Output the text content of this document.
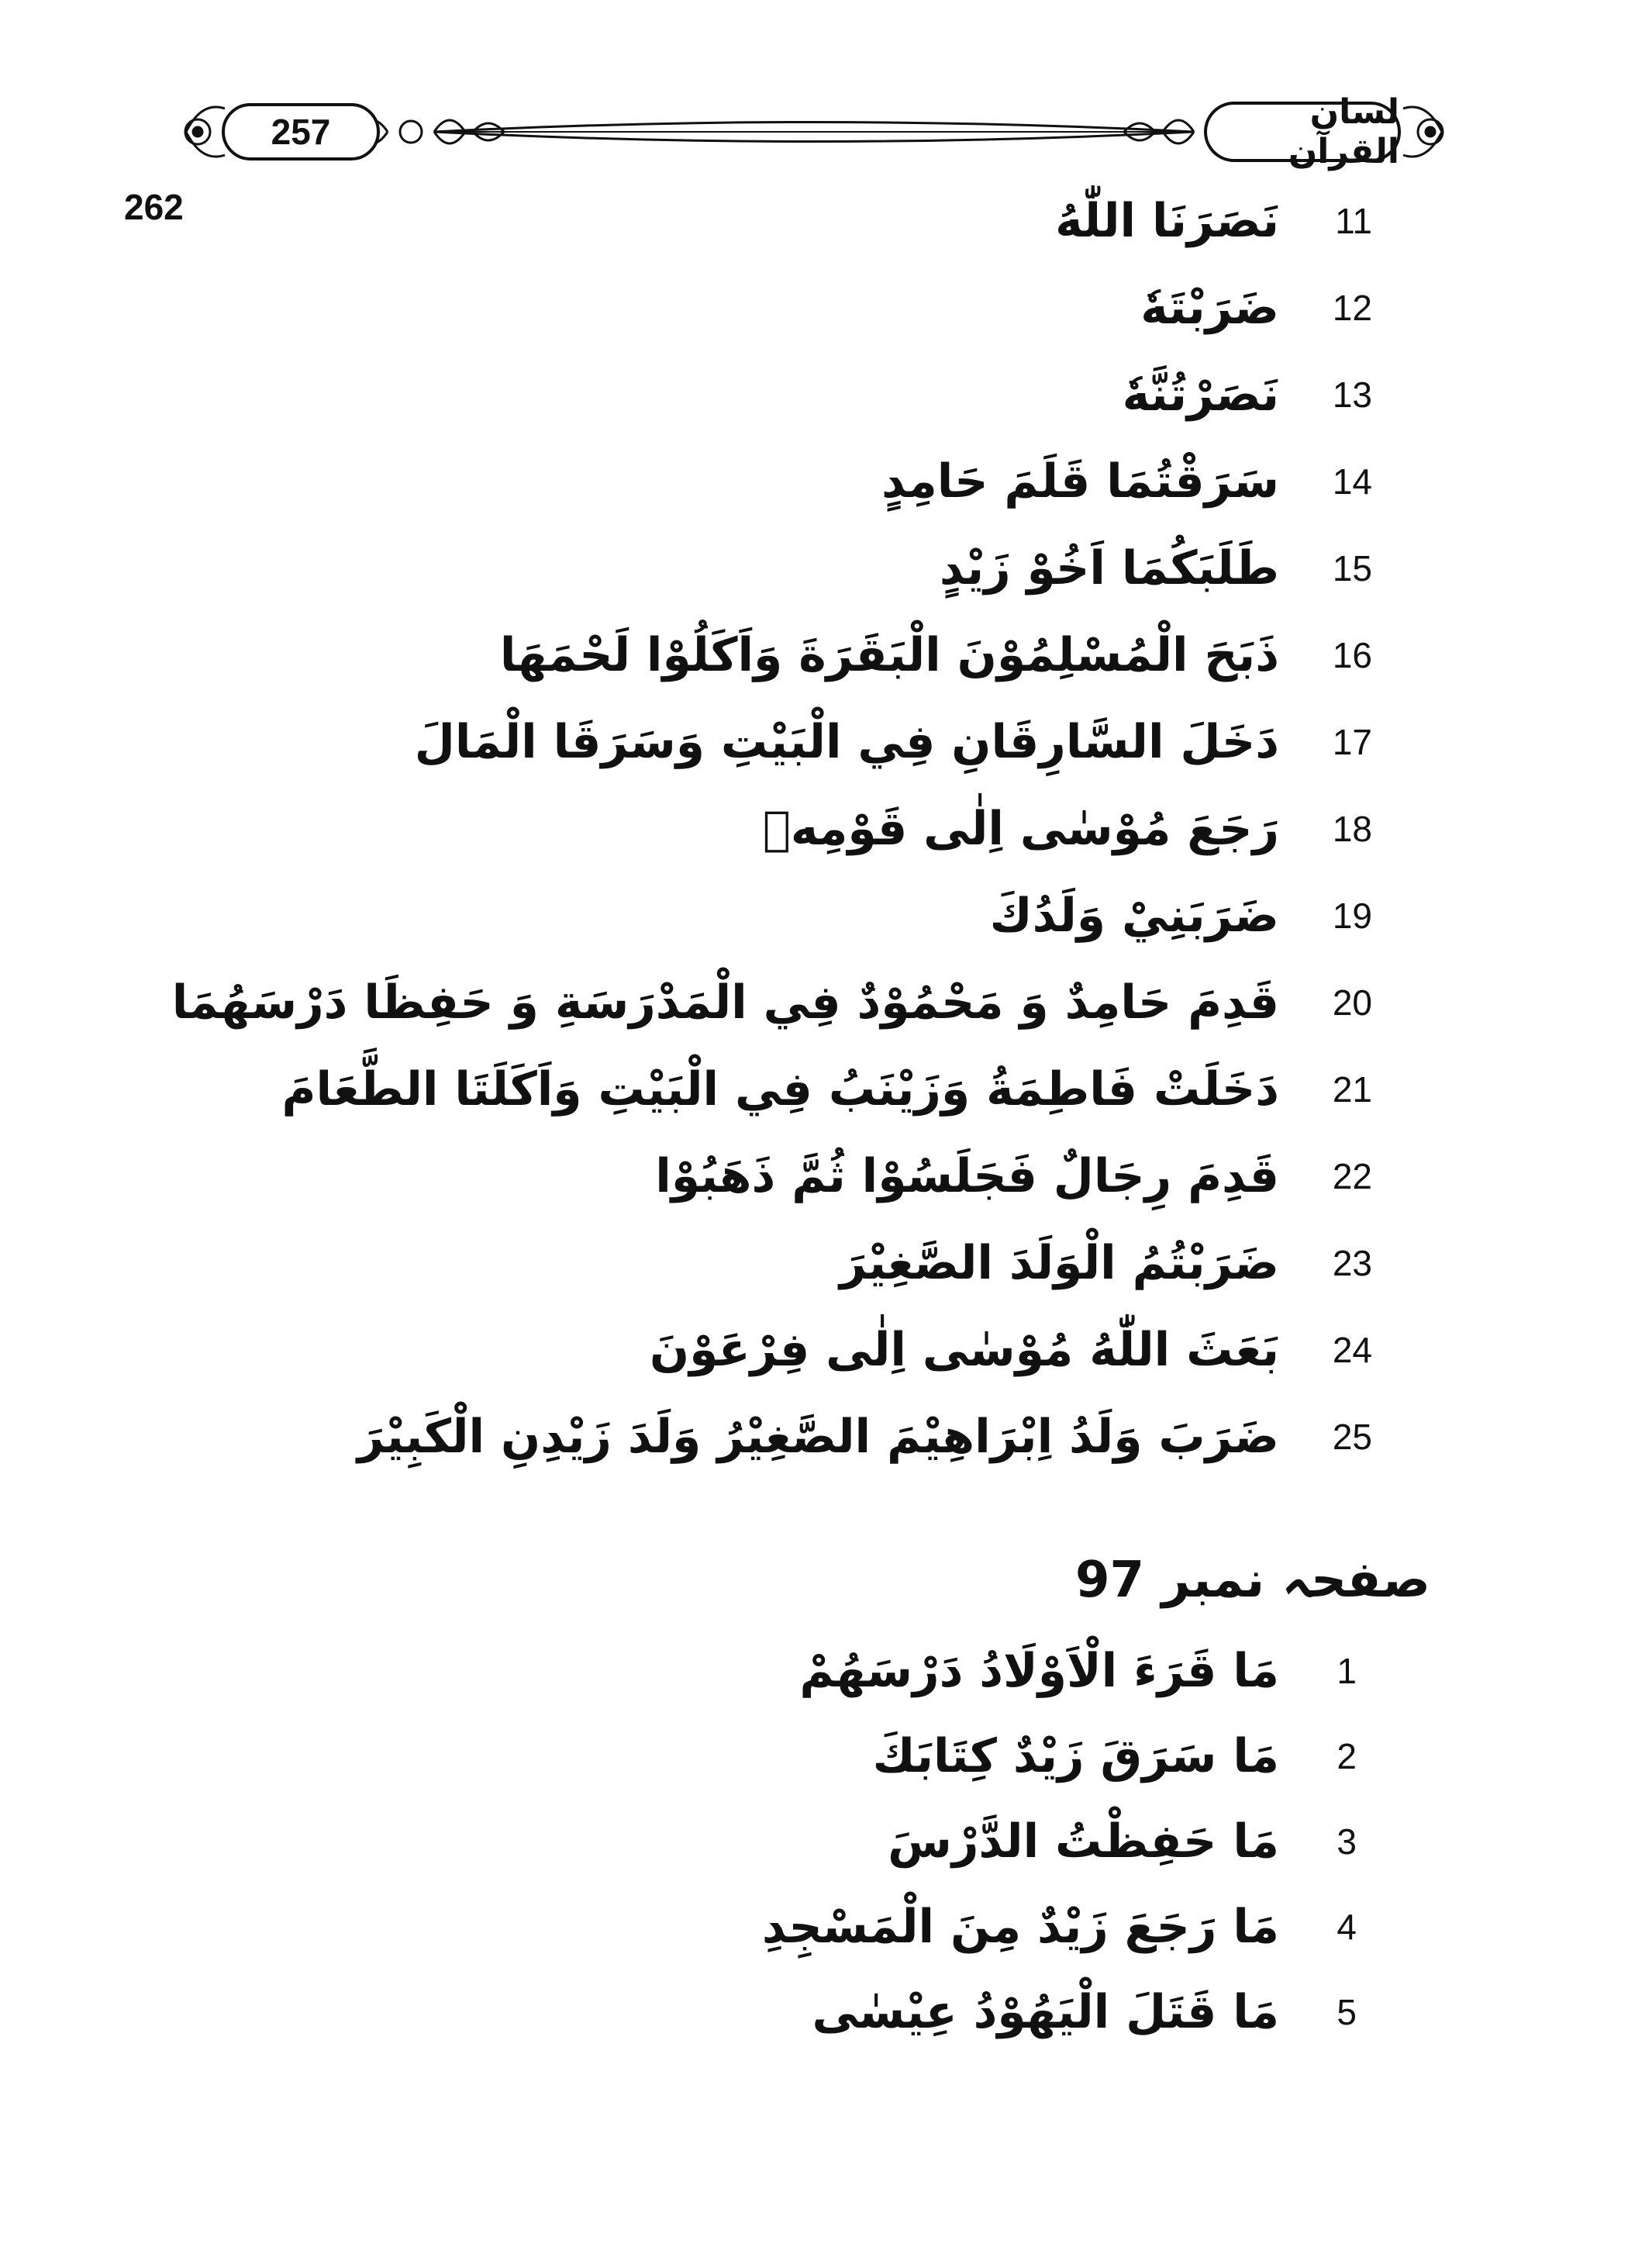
257	لسان القرآن
262	11
نَصَرَنَا اللّٰهُ
12
ضَرَبْتَهٗ
13
نَصَرْتُنَّهٗ
14
سَرَقْتُمَا قَلَمَ حَامِدٍ
15
طَلَبَكُمَا اَخُوْ زَيْدٍ
16
ذَبَحَ الْمُسْلِمُوْنَ الْبَقَرَةَ وَاَكَلُوْا لَحْمَهَا
17
دَخَلَ السَّارِقَانِ فِي الْبَيْتِ وَسَرَقَا الْمَالَ
18
رَجَعَ مُوْسٰى اِلٰى قَوْمِهٖ
19
ضَرَبَنِيْ وَلَدُكَ
20
قَدِمَ حَامِدٌ وَ مَحْمُوْدٌ فِي الْمَدْرَسَةِ وَ حَفِظَا دَرْسَهُمَا
21
دَخَلَتْ فَاطِمَةُ وَزَيْنَبُ فِي الْبَيْتِ وَاَكَلَتَا الطَّعَامَ
22
قَدِمَ رِجَالٌ فَجَلَسُوْا ثُمَّ ذَهَبُوْا
23
ضَرَبْتُمُ الْوَلَدَ الصَّغِيْرَ
24
بَعَثَ اللّٰهُ مُوْسٰى اِلٰى فِرْعَوْنَ
25
ضَرَبَ وَلَدُ اِبْرَاهِيْمَ الصَّغِيْرُ وَلَدَ زَيْدِنِ الْكَبِيْرَ
صفحہ نمبر 97
1
مَا قَرَءَ الْاَوْلَادُ دَرْسَهُمْ
2
مَا سَرَقَ زَيْدٌ كِتَابَكَ
3
مَا حَفِظْتُ الدَّرْسَ
4
مَا رَجَعَ زَيْدٌ مِنَ الْمَسْجِدِ
5
مَا قَتَلَ الْيَهُوْدُ عِيْسٰى
